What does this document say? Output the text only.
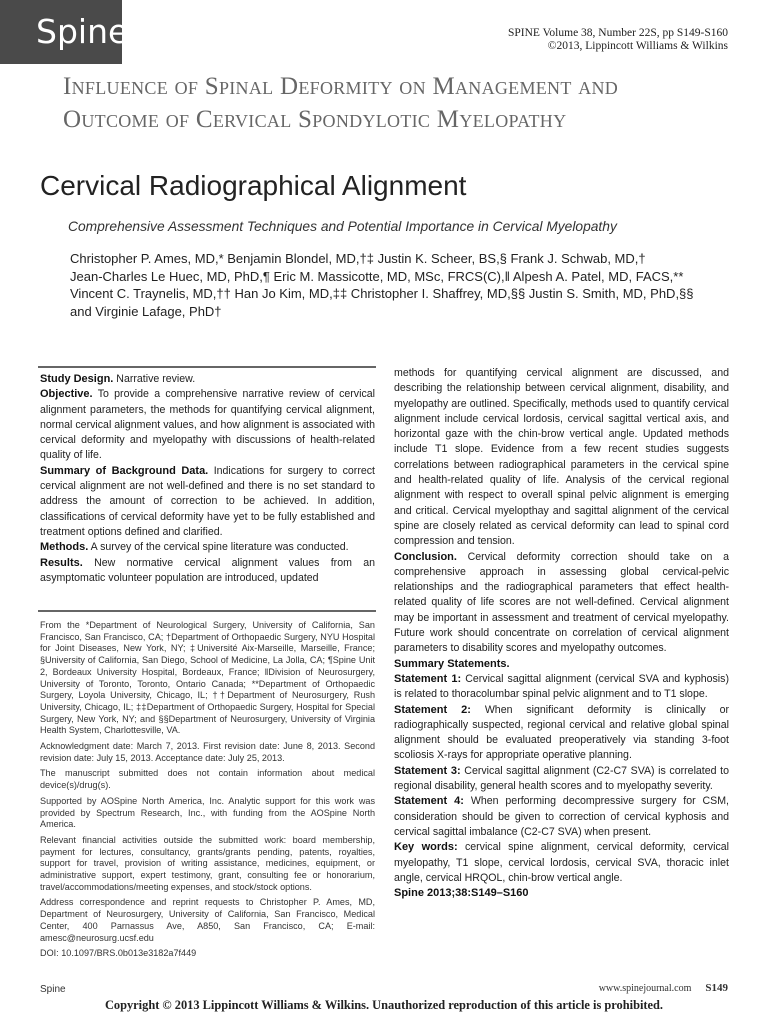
Spine	SPINE Volume 38, Number 22S, pp S149-S160
©2013, Lippincott Williams & Wilkins
Influence of Spinal Deformity on Management and
Outcome of Cervical Spondylotic Myelopathy
Cervical Radiographical Alignment
Comprehensive Assessment Techniques and Potential Importance in Cervical Myelopathy
Christopher P. Ames, MD,* Benjamin Blondel, MD,†‡ Justin K. Scheer, BS,§ Frank J. Schwab, MD,†
Jean-Charles Le Huec, MD, PhD,¶ Eric M. Massicotte, MD, MSc, FRCS(C),‖ Alpesh A. Patel, MD, FACS,**
Vincent C. Traynelis, MD,†† Han Jo Kim, MD,‡‡ Christopher I. Shaffrey, MD,§§ Justin S. Smith, MD, PhD,§§
and Virginie Lafage, PhD†

Study Design. Narrative review.

Objective. To provide a comprehensive narrative review of cervical alignment parameters, the methods for quantifying cervical alignment, normal cervical alignment values, and how alignment is associated with cervical deformity and myelopathy with discussions of health-related quality of life.

Summary of Background Data. Indications for surgery to correct cervical alignment are not well-defined and there is no set standard to address the amount of correction to be achieved. In addition, classifications of cervical deformity have yet to be fully established and treatment options defined and clarified.

Methods. A survey of the cervical spine literature was conducted.

Results. New normative cervical alignment values from an asymptomatic volunteer population are introduced, updated

From the *Department of Neurological Surgery, University of California, San Francisco, San Francisco, CA; †Department of Orthopaedic Surgery, NYU Hospital for Joint Diseases, New York, NY; ‡Université Aix-Marseille, Marseille, France; §University of California, San Diego, School of Medicine, La Jolla, CA; ¶Spine Unit 2, Bordeaux University Hospital, Bordeaux, France; ‖Division of Neurosurgery, University of Toronto, Toronto, Ontario Canada; **Department of Orthopaedic Surgery, Loyola University, Chicago, IL; ††Department of Neurosurgery, Rush University, Chicago, IL; ‡‡Department of Orthopaedic Surgery, Hospital for Special Surgery, New York, NY; and §§Department of Neurosurgery, University of Virginia Health System, Charlottesville, VA.

Acknowledgment date: March 7, 2013. First revision date: June 8, 2013. Second revision date: July 15, 2013. Acceptance date: July 25, 2013.

The manuscript submitted does not contain information about medical device(s)/drug(s).

Supported by AOSpine North America, Inc. Analytic support for this work was provided by Spectrum Research, Inc., with funding from the AOSpine North America.

Relevant financial activities outside the submitted work: board membership, payment for lectures, consultancy, grants/grants pending, patents, royalties, support for travel, provision of writing assistance, medicines, equipment, or administrative support, expert testimony, grant, consulting fee or honorarium, travel/accommodations/meeting expenses, and stock/stock options.

Address correspondence and reprint requests to Christopher P. Ames, MD, Department of Neurosurgery, University of California, San Francisco, Medical Center, 400 Parnassus Ave, A850, San Francisco, CA; E-mail: amesc@neurosurg.ucsf.edu

DOI: 10.1097/BRS.0b013e3182a7f449

methods for quantifying cervical alignment are discussed, and describing the relationship between cervical alignment, disability, and myelopathy are outlined. Specifically, methods used to quantify cervical alignment include cervical lordosis, cervical sagittal vertical axis, and horizontal gaze with the chin-brow vertical angle. Updated methods include T1 slope. Evidence from a few recent studies suggests correlations between radiographical parameters in the cervical spine and health-related quality of life. Analysis of the cervical regional alignment with respect to overall spinal pelvic alignment is emerging and critical. Cervical myelopthay and sagittal alignment of the cervical spine are closely related as cervical deformity can lead to spinal cord compression and tension.

Conclusion. Cervical deformity correction should take on a comprehensive approach in assessing global cervical-pelvic relationships and the radiographical parameters that effect health-related quality of life scores are not well-defined. Cervical alignment may be important in assessment and treatment of cervical myelopathy. Future work should concentrate on correlation of cervical alignment parameters to disability scores and myelopathy outcomes.

Summary Statements.

Statement 1: Cervical sagittal alignment (cervical SVA and kyphosis) is related to thoracolumbar spinal pelvic alignment and to T1 slope.

Statement 2: When significant deformity is clinically or radiographically suspected, regional cervical and relative global spinal alignment should be evaluated preoperatively via standing 3-foot scoliosis X-rays for appropriate operative planning.

Statement 3: Cervical sagittal alignment (C2-C7 SVA) is correlated to regional disability, general health scores and to myelopathy severity.

Statement 4: When performing decompressive surgery for CSM, consideration should be given to correction of cervical kyphosis and cervical sagittal imbalance (C2-C7 SVA) when present.

Key words: cervical spine alignment, cervical deformity, cervical myelopathy, T1 slope, cervical lordosis, cervical SVA, thoracic inlet angle, cervical HRQOL, chin-brow vertical angle.

Spine 2013;38:S149–S160

Spine	www.spinejournal.com S149
Copyright © 2013 Lippincott Williams & Wilkins. Unauthorized reproduction of this article is prohibited.
